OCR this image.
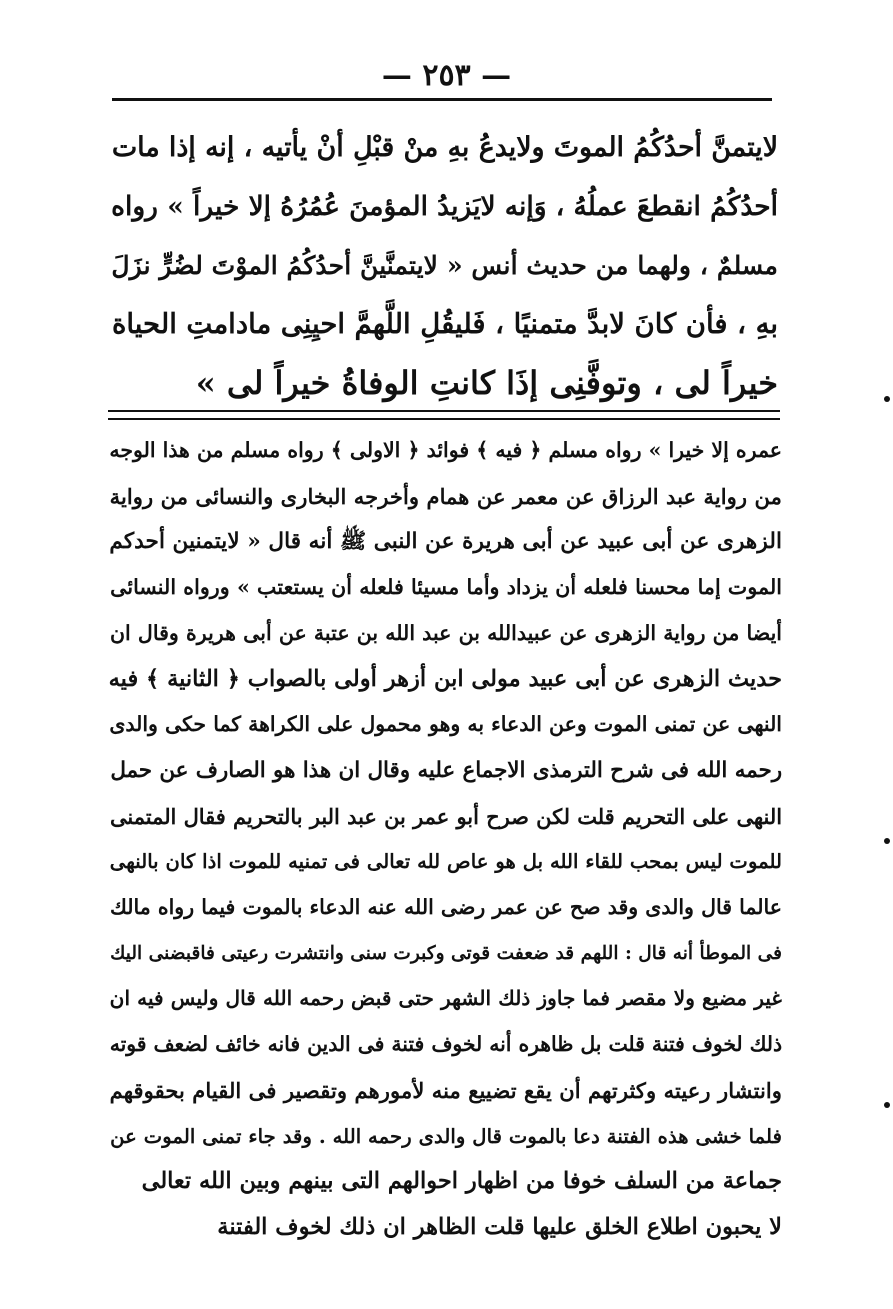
— ٢٥٣ —
لايتمنَّ أحدُكُمُ الموتَ ولايدعُ بهِ منْ قبْلِ أنْ يأتيه ، إنه إذا مات
أحدُكُمُ انقطعَ عملُهُ ، وَإنه لايَزيدُ المؤمنَ عُمُرُهُ إلا خيراً » رواه
مسلمٌ ، ولهما من حديث أنس « لايتمنَّينَّ أحدُكُمُ الموْتَ لضُرٍّ نزَلَ
بهِ ، فأن كانَ لابدَّ متمنيًا ، فَليقُلِ اللَّهمَّ احيِنِى مادامتِ الحياة
خيراً لى ، وتوفَّنِى إذَا كانتِ الوفاةُ خيراً لى »
عمره إلا خيرا » رواه مسلم ﴿ فيه ﴾ فوائد ﴿ الاولى ﴾ رواه مسلم من هذا الوجه
من رواية عبد الرزاق عن معمر عن همام وأخرجه البخارى والنسائى من رواية
الزهرى عن أبى عبيد عن أبى هريرة عن النبى ﷺ أنه قال « لايتمنين أحدكم
الموت إما محسنا فلعله أن يزداد وأما مسيئا فلعله أن يستعتب » ورواه النسائى
أيضا من رواية الزهرى عن عبيدالله بن عبد الله بن عتبة عن أبى هريرة وقال ان
حديث الزهرى عن أبى عبيد مولى ابن أزهر أولى بالصواب ﴿ الثانية ﴾ فيه
النهى عن تمنى الموت وعن الدعاء به وهو محمول على الكراهة كما حكى والدى
رحمه الله فى شرح الترمذى الاجماع عليه وقال ان هذا هو الصارف عن حمل
النهى على التحريم قلت لكن صرح أبو عمر بن عبد البر بالتحريم فقال المتمنى
للموت ليس بمحب للقاء الله بل هو عاص لله تعالى فى تمنيه للموت اذا كان بالنهى
عالما قال والدى وقد صح عن عمر رضى الله عنه الدعاء بالموت فيما رواه مالك
فى الموطأ أنه قال : اللهم قد ضعفت قوتى وكبرت سنى وانتشرت رعيتى فاقبضنى اليك
غير مضيع ولا مقصر فما جاوز ذلك الشهر حتى قبض رحمه الله قال وليس فيه ان
ذلك لخوف فتنة قلت بل ظاهره أنه لخوف فتنة فى الدين فانه خائف لضعف قوته
وانتشار رعيته وكثرتهم أن يقع تضييع منه لأمورهم وتقصير فى القيام بحقوقهم
فلما خشى هذه الفتنة دعا بالموت قال والدى رحمه الله . وقد جاء تمنى الموت عن
جماعة من السلف خوفا من اظهار احوالهم التى بينهم وبين الله تعالى
لا يحبون اطلاع الخلق عليها قلت الظاهر ان ذلك لخوف الفتنة
